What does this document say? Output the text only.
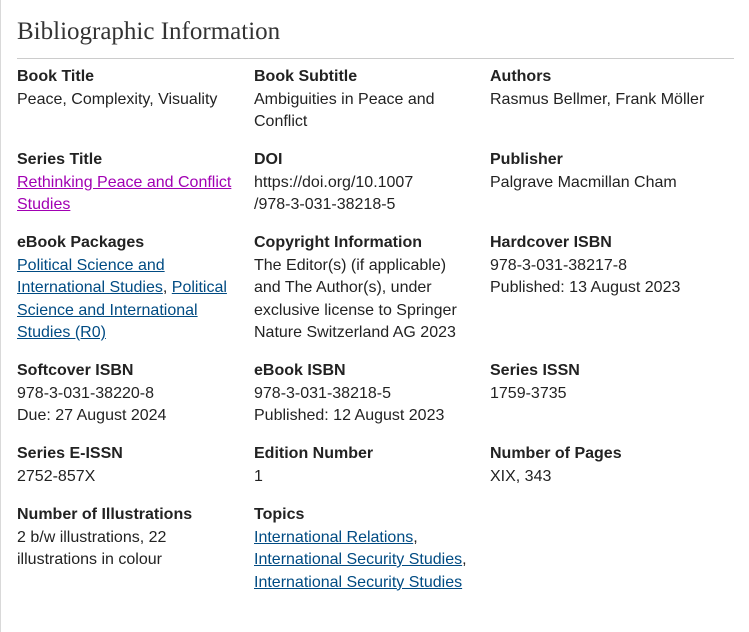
Bibliographic Information
Book Title
Peace, Complexity, Visuality
Book Subtitle
Ambiguities in Peace and
Conflict
Authors
Rasmus Bellmer, Frank Möller
Series Title
Rethinking Peace and Conflict
Studies
DOI
https://doi.org/10.1007
/978-3-031-38218-5
Publisher
Palgrave Macmillan Cham
eBook Packages
Political Science and
International Studies, Political
Science and International
Studies (R0)
Copyright Information
The Editor(s) (if applicable)
and The Author(s), under
exclusive license to Springer
Nature Switzerland AG 2023
Hardcover ISBN
978-3-031-38217-8
Published: 13 August 2023
Softcover ISBN
978-3-031-38220-8
Due: 27 August 2024
eBook ISBN
978-3-031-38218-5
Published: 12 August 2023
Series ISSN
1759-3735
Series E-ISSN
2752-857X
Edition Number
1
Number of Pages
XIX, 343
Number of Illustrations
2 b/w illustrations, 22
illustrations in colour
Topics
International Relations,
International Security Studies,
International Security Studies
